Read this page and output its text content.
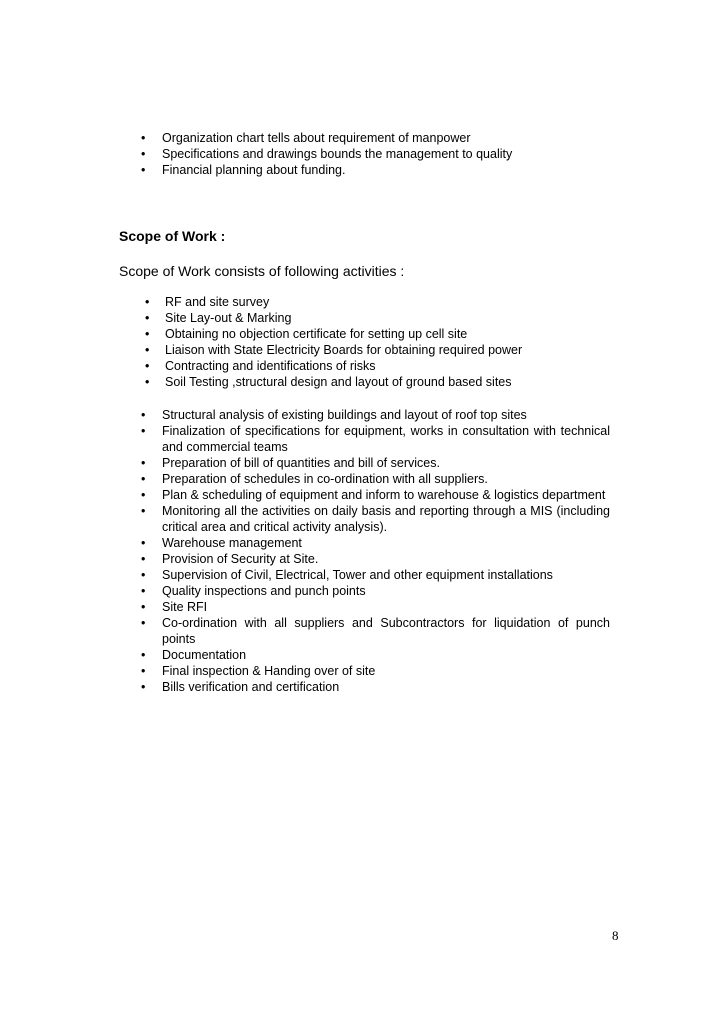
• Organization chart tells about requirement of manpower
• Specifications and drawings bounds the management to quality
• Financial planning about funding.
Scope of Work :
Scope of Work consists of following activities :
• RF and site survey
• Site Lay-out & Marking
• Obtaining no objection certificate for setting up cell site
• Liaison with State Electricity Boards for obtaining required power
• Contracting and identifications of risks
• Soil Testing ,structural design and layout of ground based sites
• Structural analysis of existing buildings and layout of roof top sites
• Finalization of specifications for equipment, works in consultation with technical and commercial teams
• Preparation of bill of quantities and bill of services.
• Preparation of schedules in co-ordination with all suppliers.
• Plan & scheduling of equipment and inform to warehouse & logistics department
• Monitoring all the activities on daily basis and reporting through a MIS (including critical area and critical activity analysis).
• Warehouse management
• Provision of Security at Site.
• Supervision of Civil, Electrical, Tower and other equipment installations
• Quality inspections and punch points
• Site RFI
• Co-ordination with all suppliers and Subcontractors for liquidation of punch points
• Documentation
• Final inspection & Handing over of site
• Bills verification and certification
8
